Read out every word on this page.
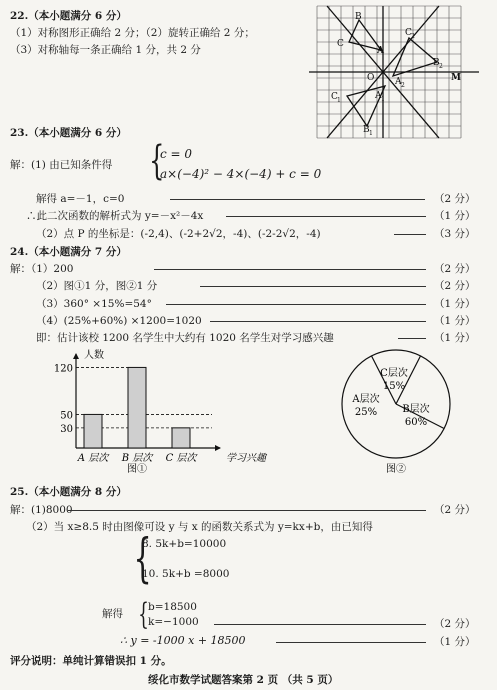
22.（本小题满分 6 分）
（1）对称图形正确给 2 分；（2）旋转正确给 2 分；
（3）对称轴每一条正确给 1 分，共 2 分
B
C
A
C 2
B 2
O A 2
M
C 1	A 1
B 1
23.（本小题满分 6 分）
解：(1) 由已知条件得 {
c = 0
a×(−4)² − 4×(−4) + c = 0
解得 a=－1，c=0	（2 分）
∴此二次函数的解析式为 y=－x²－4x	（1 分）
（2）点 P 的坐标是：(-2,4)、(-2+2√2，-4)、(-2-2√2，-4)	（3 分）
24.（本小题满分 7 分）
解：（1）200	（2 分）
（2）图①1 分，图②1 分	（2 分）
（3）360° ×15%=54°	（1 分）
（4）(25%+60%) ×1200=1020	（1 分）
即：估计该校 1200 名学生中大约有 1020 名学生对学习感兴趣	（1 分）
人数
学习兴趣
120
50
30
A 层次 B 层次 C 层次
图①
C层次
15%
A层次
25%	B层次
60%
图②
25.（本小题满分 8 分）
解：(1)8000	（2 分）
（2）当 x≥8.5 时由图像可设 y 与 x 的函数关系式为 y=kx+b，由已知得
{
8. 5k+b=10000
10. 5k+b =8000
解得 { b=18500
k=−1000	（2 分）
∴ y = -1000 x + 18500	（1 分）
评分说明：单纯计算错误扣 1 分。
绥化市数学试题答案第 2 页 （共 5 页）
